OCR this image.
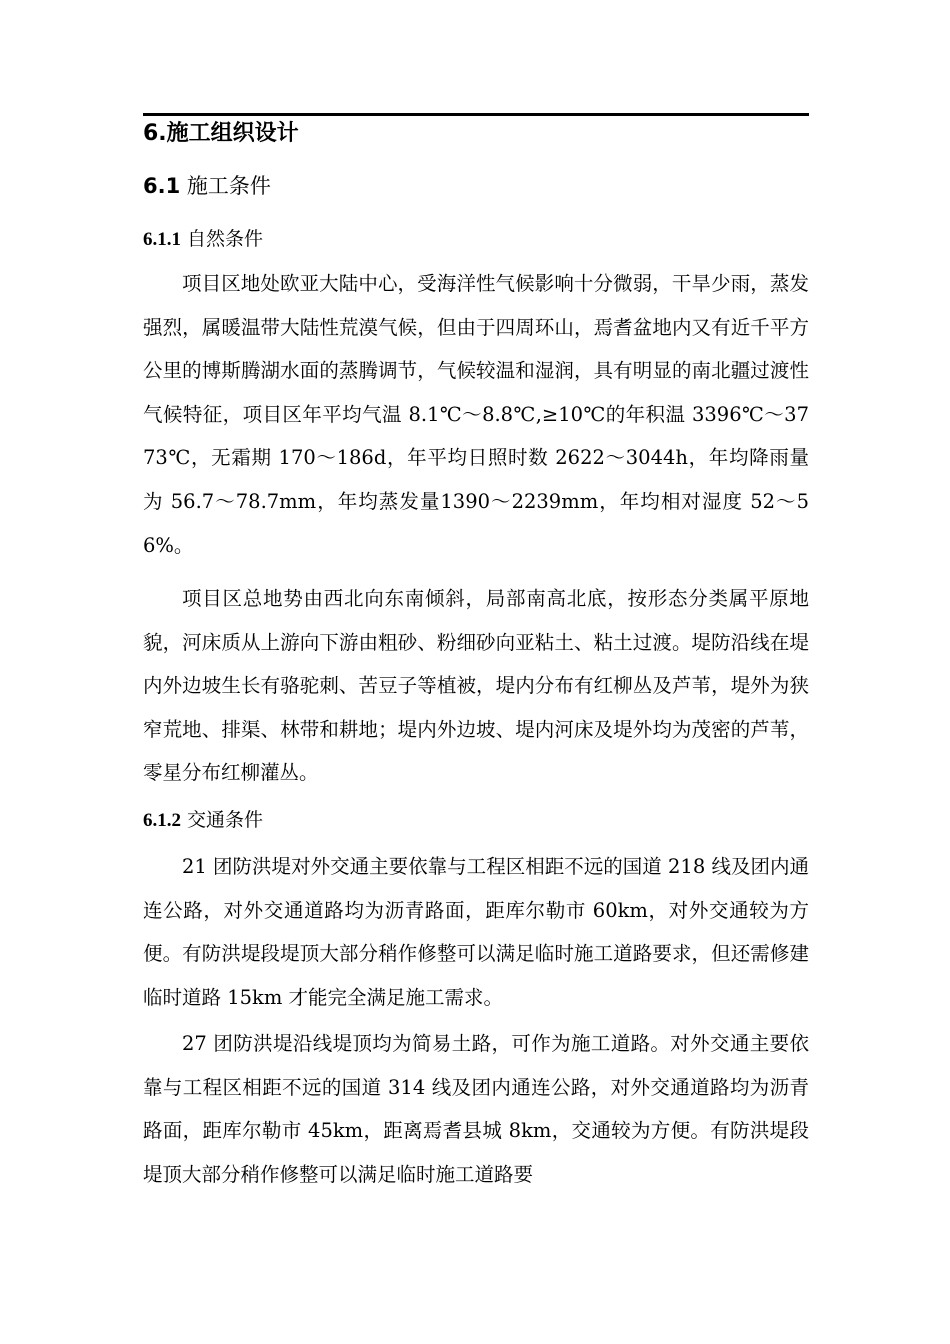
6.施工组织设计
6.1 施工条件
6.1.1 自然条件

项目区地处欧亚大陆中心，受海洋性气候影响十分微弱，干旱少雨，蒸发强烈，属暖温带大陆性荒漠气候，但由于四周环山，焉耆盆地内又有近千平方公里的博斯腾湖水面的蒸腾调节，气候较温和湿润，具有明显的南北疆过渡性气候特征，项目区年平均气温 8.1℃～8.8℃,≥10℃的年积温 3396℃～3773℃，无霜期 170～186d，年平均日照时数 2622～3044h，年均降雨量为 56.7～78.7mm，年均蒸发量1390～2239mm，年均相对湿度 52～56%。

项目区总地势由西北向东南倾斜，局部南高北底，按形态分类属平原地貌，河床质从上游向下游由粗砂、粉细砂向亚粘土、粘土过渡。堤防沿线在堤内外边坡生长有骆驼刺、苦豆子等植被，堤内分布有红柳丛及芦苇，堤外为狭窄荒地、排渠、林带和耕地；堤内外边坡、堤内河床及堤外均为茂密的芦苇，零星分布红柳灌丛。

6.1.2 交通条件

21 团防洪堤对外交通主要依靠与工程区相距不远的国道 218 线及团内通连公路，对外交通道路均为沥青路面，距库尔勒市 60km，对外交通较为方便。有防洪堤段堤顶大部分稍作修整可以满足临时施工道路要求，但还需修建临时道路 15km 才能完全满足施工需求。

27 团防洪堤沿线堤顶均为简易土路，可作为施工道路。对外交通主要依靠与工程区相距不远的国道 314 线及团内通连公路，对外交通道路均为沥青路面，距库尔勒市 45km，距离焉耆县城 8km，交通较为方便。有防洪堤段堤顶大部分稍作修整可以满足临时施工道路要
